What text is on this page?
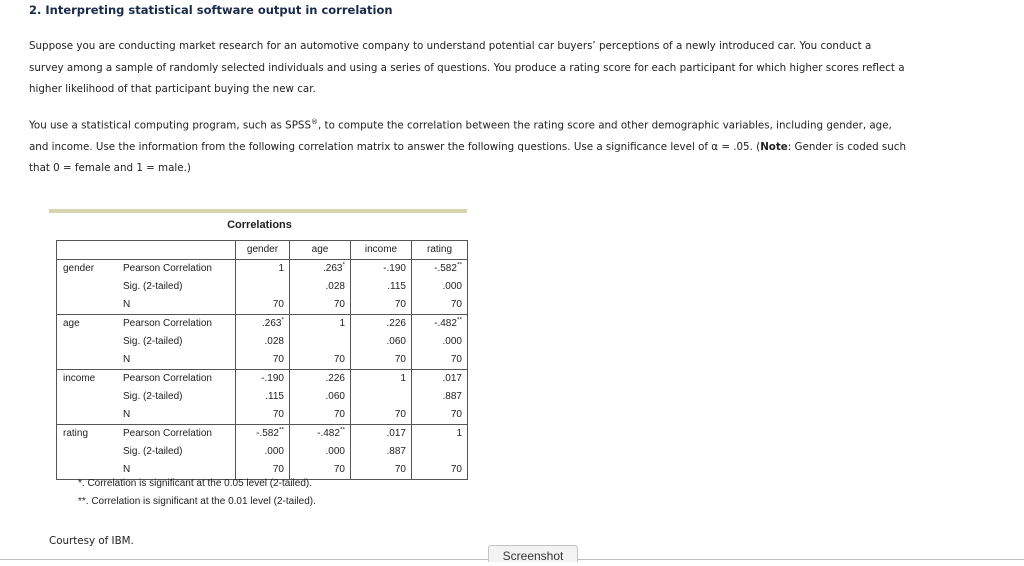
2. Interpreting statistical software output in correlation
Suppose you are conducting market research for an automotive company to understand potential car buyers’ perceptions of a newly introduced car. You conduct a survey among a sample of randomly selected individuals and using a series of questions. You produce a rating score for each participant for which higher scores reflect a higher likelihood of that participant buying the new car.
You use a statistical computing program, such as SPSS®, to compute the correlation between the rating score and other demographic variables, including gender, age, and income. Use the information from the following correlation matrix to answer the following questions. Use a significance level of α = .05. (Note: Gender is coded such that 0 = female and 1 = male.)
Correlations
		gender	age	income	rating
gender	Pearson Correlation	1	.263*	-.190	-.582**
	Sig. (2-tailed)		.028	.115	.000
	N	70	70	70	70
age	Pearson Correlation	.263*	1	.226	-.482**
	Sig. (2-tailed)	.028		.060	.000
	N	70	70	70	70
income	Pearson Correlation	-.190	.226	1	.017
	Sig. (2-tailed)	.115	.060		.887
	N	70	70	70	70
rating	Pearson Correlation	-.582**	-.482**	.017	1
	Sig. (2-tailed)	.000	.000	.887	
	N	70	70	70	70
*. Correlation is significant at the 0.05 level (2-tailed).
**. Correlation is significant at the 0.01 level (2-tailed).
Courtesy of IBM.
Screenshot
